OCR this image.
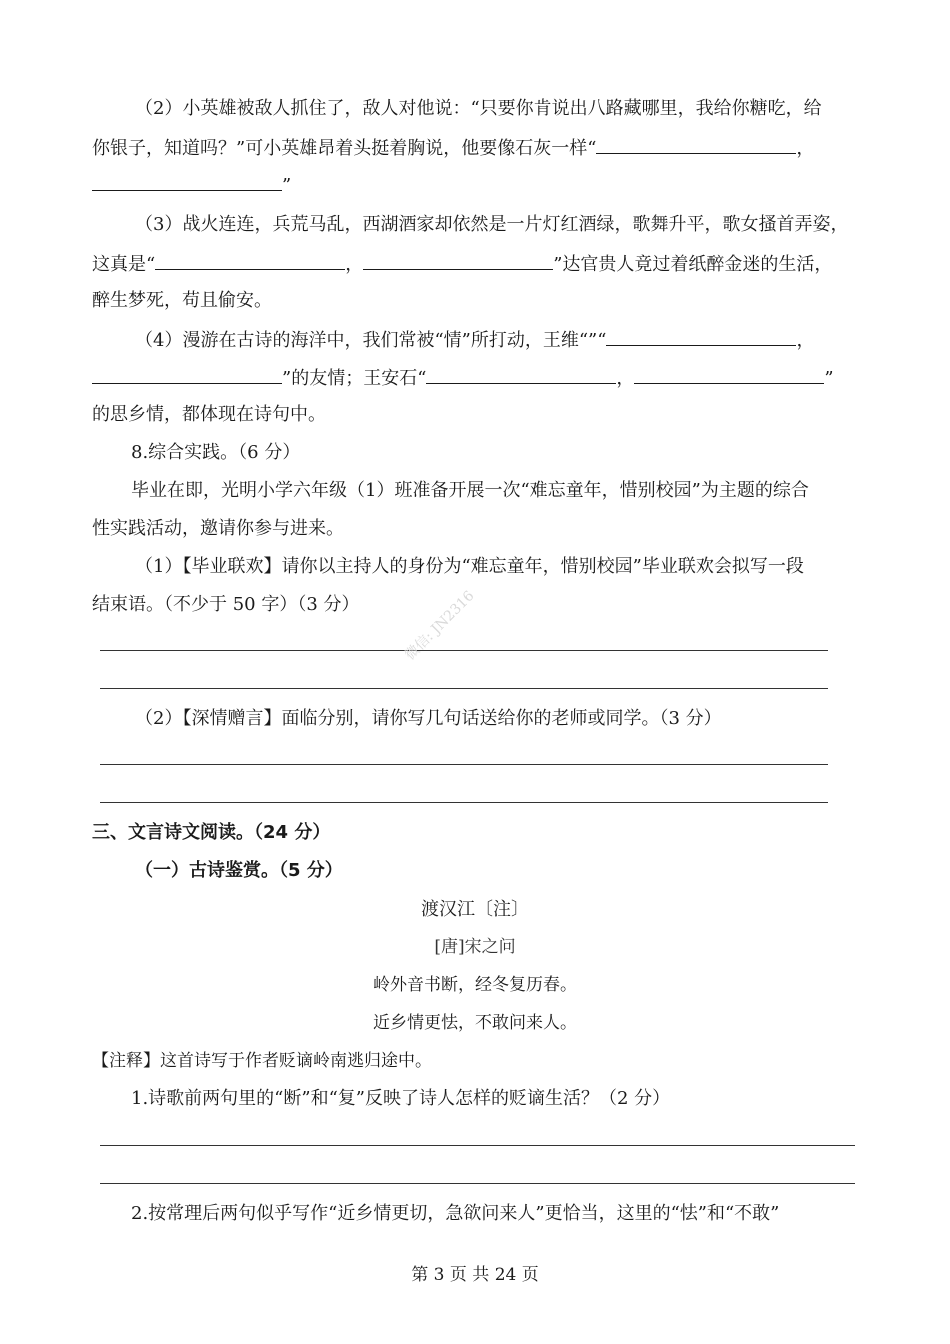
（2）小英雄被敌人抓住了，敌人对他说：“只要你肯说出八路藏哪里，我给你糖吃，给
你银子，知道吗？”可小英雄昂着头挺着胸说，他要像石灰一样“	，
”
（3）战火连连，兵荒马乱，西湖酒家却依然是一片灯红酒绿，歌舞升平，歌女搔首弄姿，
这真是“	，	”达官贵人竟过着纸醉金迷的生活，
醉生梦死，苟且偷安。
（4）漫游在古诗的海洋中，我们常被“情”所打动，王维“”“	，
”的友情；王安石“	，	”
的思乡情，都体现在诗句中。
8.综合实践。（6 分）
毕业在即，光明小学六年级（1）班准备开展一次“难忘童年，惜别校园”为主题的综合
性实践活动，邀请你参与进来。
（1）【毕业联欢】请你以主持人的身份为“难忘童年，惜别校园”毕业联欢会拟写一段
结束语。（不少于 50 字）（3 分）
（2）【深情赠言】面临分别，请你写几句话送给你的老师或同学。（3 分）
三、文言诗文阅读。（24 分）
（一）古诗鉴赏。（5 分）
渡汉江〔注〕
[唐]宋之问
岭外音书断，经冬复历春。
近乡情更怯，不敢问来人。
【注释】这首诗写于作者贬谪岭南逃归途中。
1.诗歌前两句里的“断”和“复”反映了诗人怎样的贬谪生活？（2 分）
2.按常理后两句似乎写作“近乡情更切，急欲问来人”更恰当，这里的“怯”和“不敢”
第 3 页 共 24 页
微信: JN2316
